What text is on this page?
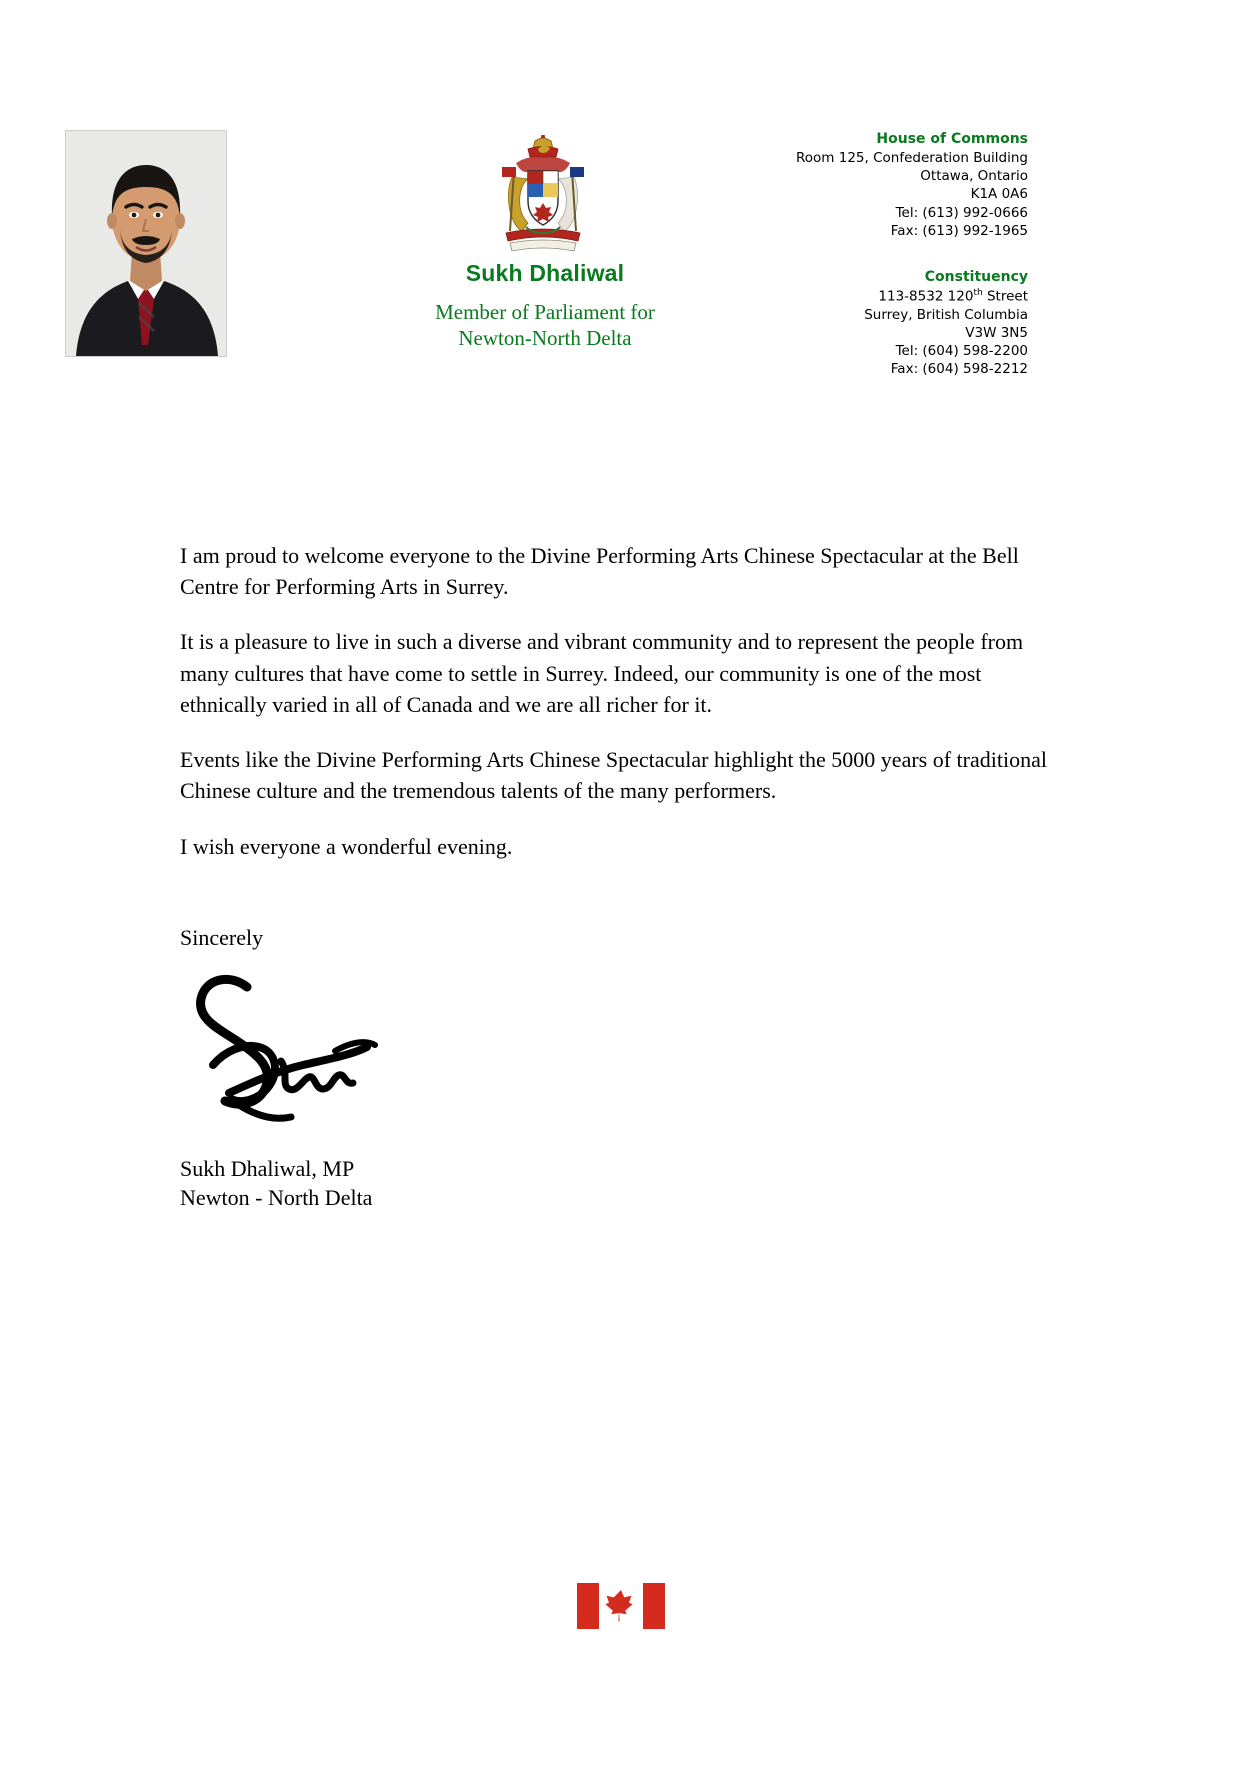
Sukh Dhaliwal
Member of Parliament for
Newton-North Delta
House of Commons
Room 125, Confederation Building
Ottawa, Ontario
K1A 0A6
Tel: (613) 992-0666
Fax: (613) 992-1965
Constituency
113-8532 120th Street
Surrey, British Columbia
V3W 3N5
Tel: (604) 598-2200
Fax: (604) 598-2212

I am proud to welcome everyone to the Divine Performing Arts Chinese Spectacular at the Bell Centre for Performing Arts in Surrey.

It is a pleasure to live in such a diverse and vibrant community and to represent the people from many cultures that have come to settle in Surrey. Indeed, our community is one of the most ethnically varied in all of Canada and we are all richer for it.

Events like the Divine Performing Arts Chinese Spectacular highlight the 5000 years of traditional Chinese culture and the tremendous talents of the many performers.

I wish everyone a wonderful evening.

Sincerely
Sukh Dhaliwal, MP
Newton - North Delta
